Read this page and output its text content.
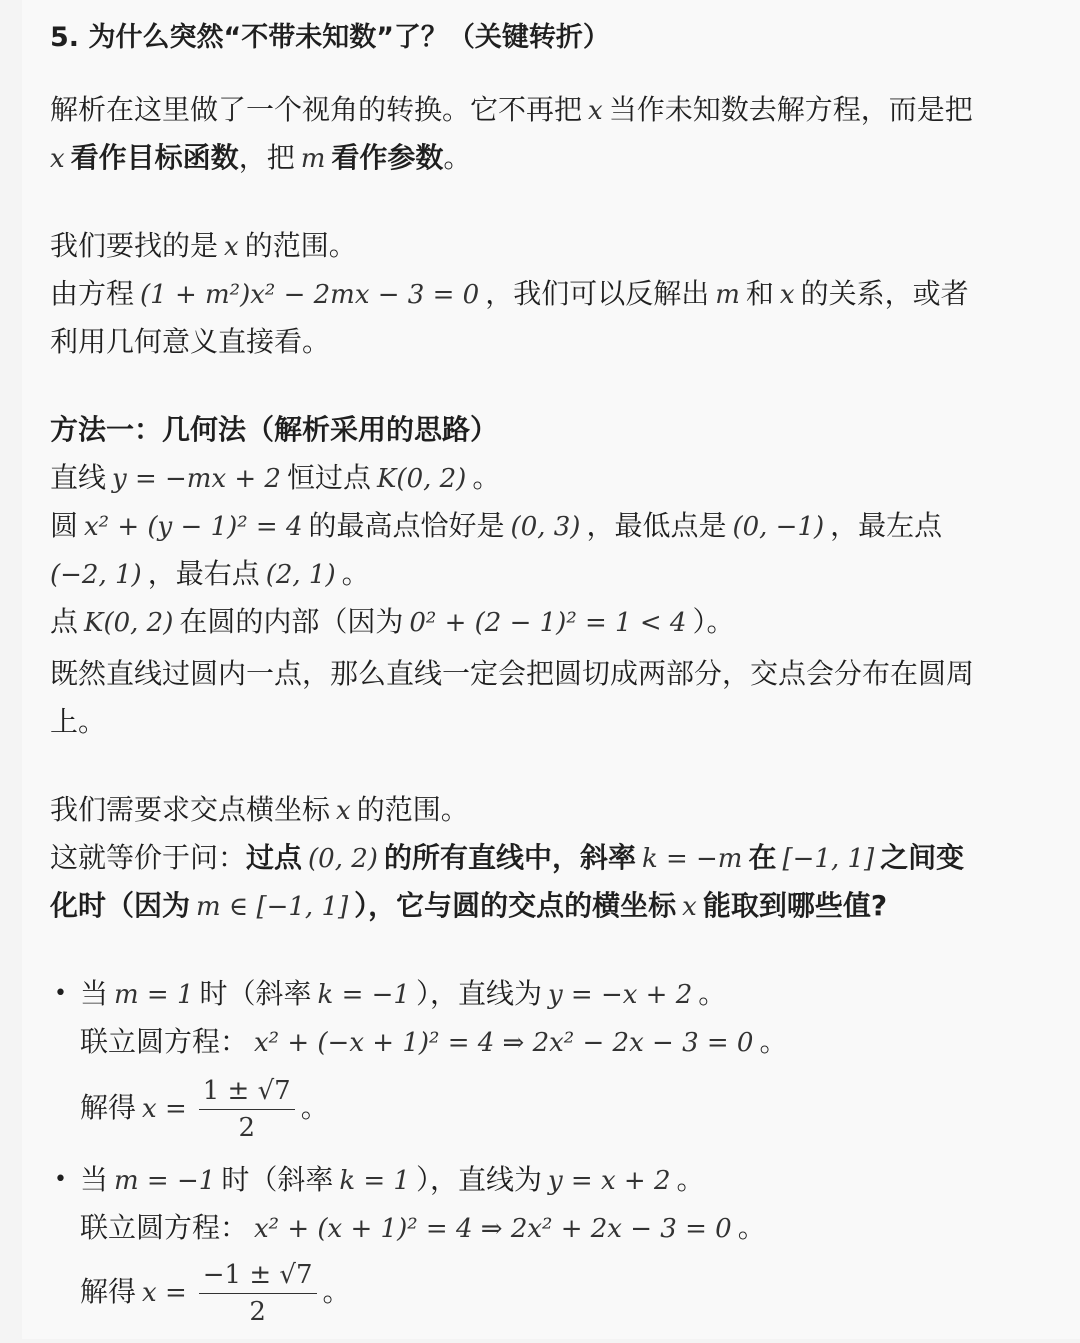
5. 为什么突然“不带未知数”了？（关键转折）
解析在这里做了一个视角的转换。它不再把 x 当作未知数去解方程，而是把
x 看作目标函数，把 m 看作参数。
我们要找的是 x 的范围。
由方程 (1 + m²)x² − 2mx − 3 = 0 ，我们可以反解出 m 和 x 的关系，或者
利用几何意义直接看。
方法一：几何法（解析采用的思路）
直线 y = −mx + 2 恒过点 K(0, 2) 。
圆 x² + (y − 1)² = 4 的最高点恰好是 (0, 3) ，最低点是 (0, −1) ，最左点
(−2, 1) ，最右点 (2, 1) 。
点 K(0, 2) 在圆的内部（因为 0² + (2 − 1)² = 1 < 4 ）。
既然直线过圆内一点，那么直线一定会把圆切成两部分，交点会分布在圆周
上。
我们需要求交点横坐标 x 的范围。
这就等价于问：过点 (0, 2) 的所有直线中，斜率 k = −m 在 [−1, 1] 之间变
化时（因为 m ∈ [−1, 1] ），它与圆的交点的横坐标 x 能取到哪些值?
• 当 m = 1 时（斜率 k = −1 ），直线为 y = −x + 2 。
联立圆方程： x² + (−x + 1)² = 4 ⇒ 2x² − 2x − 3 = 0 。
解得 $x = \frac{1 \pm √7}{2}$ 。
• 当 m = −1 时（斜率 k = 1 ），直线为 y = x + 2 。
联立圆方程： x² + (x + 1)² = 4 ⇒ 2x² + 2x − 3 = 0 。
解得 $x = \frac{-1 \pm √7}{2}$ 。
